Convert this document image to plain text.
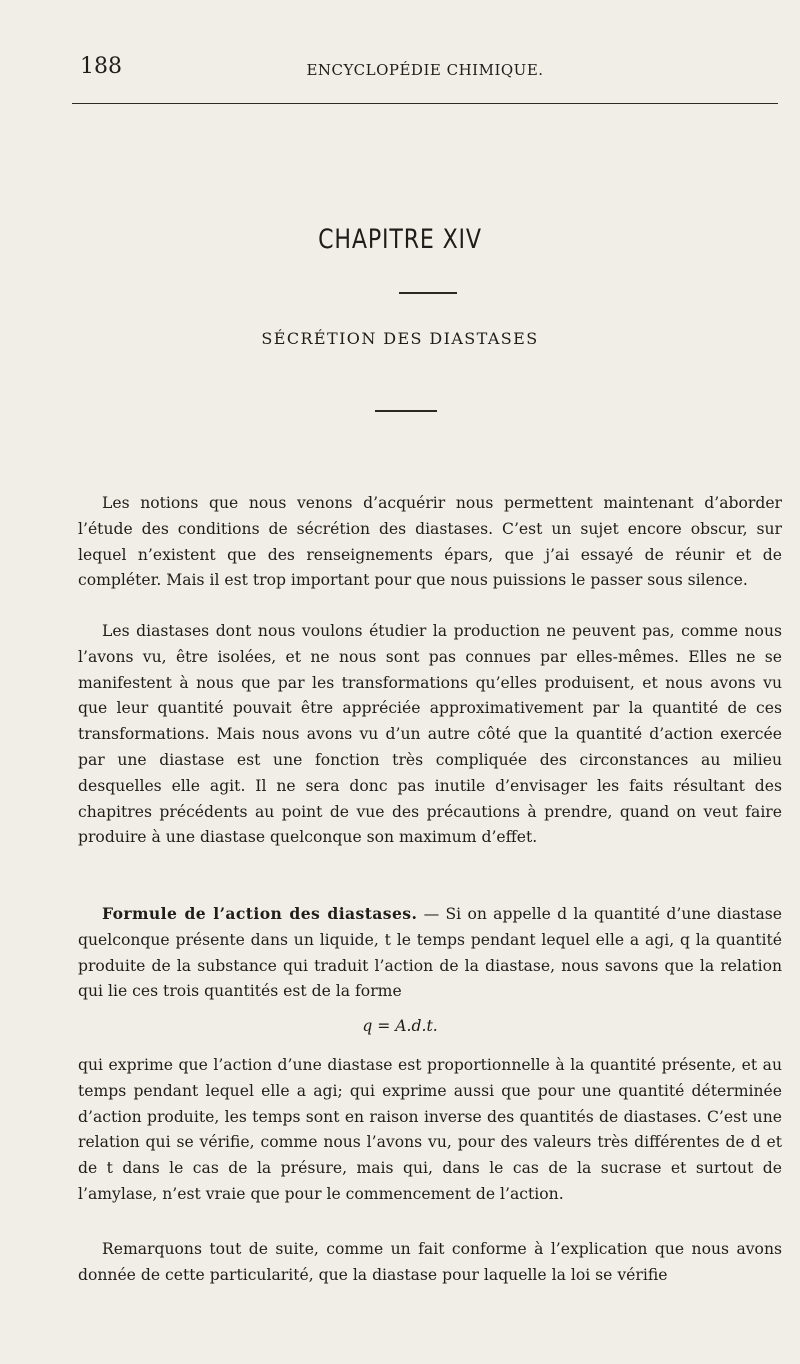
188	ENCYCLOPÉDIE CHIMIQUE.
CHAPITRE XIV
SÉCRÉTION DES DIASTASES

Les notions que nous venons d’acquérir nous permettent maintenant d’aborder l’étude des conditions de sécrétion des diastases. C’est un sujet encore obscur, sur lequel n’existent que des renseignements épars, que j’ai essayé de réunir et de compléter. Mais il est trop important pour que nous puissions le passer sous silence.

Les diastases dont nous voulons étudier la production ne peuvent pas, comme nous l’avons vu, être isolées, et ne nous sont pas connues par elles-mêmes. Elles ne se manifestent à nous que par les transformations qu’elles produisent, et nous avons vu que leur quantité pouvait être appréciée approximativement par la quantité de ces transformations. Mais nous avons vu d’un autre côté que la quantité d’action exercée par une diastase est une fonction très compliquée des circonstances au milieu desquelles elle agit. Il ne sera donc pas inutile d’envisager les faits résultant des chapitres précédents au point de vue des précautions à prendre, quand on veut faire produire à une diastase quelconque son maximum d’effet.

Formule de l’action des diastases. — Si on appelle d la quantité d’une diastase quelconque présente dans un liquide, t le temps pendant lequel elle a agi, q la quantité produite de la substance qui traduit l’action de la diastase, nous savons que la relation qui lie ces trois quantités est de la forme

q = A.d.t.

qui exprime que l’action d’une diastase est proportionnelle à la quantité présente, et au temps pendant lequel elle a agi; qui exprime aussi que pour une quantité déterminée d’action produite, les temps sont en raison inverse des quantités de diastases. C’est une relation qui se vérifie, comme nous l’avons vu, pour des valeurs très différentes de d et de t dans le cas de la présure, mais qui, dans le cas de la sucrase et surtout de l’amylase, n’est vraie que pour le commencement de l’action.

Remarquons tout de suite, comme un fait conforme à l’explication que nous avons donnée de cette particularité, que la diastase pour laquelle la loi se vérifie
